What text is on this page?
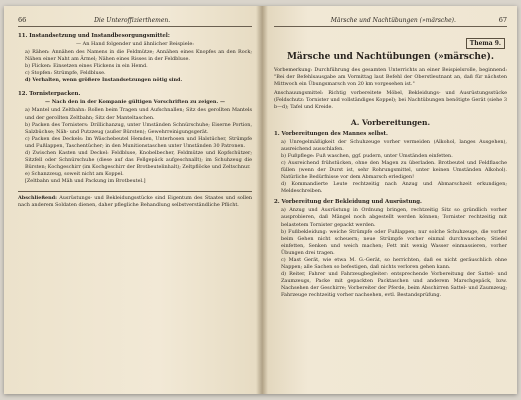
66	Die Unteroffizierthemen.
11. Instandsetzung und Instandbesorgungsmittel:

— An Hand folgender und ähnlicher Beispiele:

a) Rähen: Annähen des Namens in die Feldmütze; Annähen eines Knopfes an den Rock; Nähen einer Naht am Ärmel; Nähen eines Risses in der Feldbluse.

b) Flicken: Einsetzen eines Flickens in ein Hemd.

c) Stopfen: Strümpfe, Feldbluse.

d) Verhalten, wenn größere Instandsetzungen nötig sind.

12. Tornisterpacken.

— Nach den in der Kompanie gültigen Vorschriften zu zeigen. —

a) Mantel und Zeltbahn: Rollen beim Tragen und Aufschnallen; Sitz des gerollten Mantels und der gerollten Zeltbahn; Sitz der Manteltaschen.

b) Packen des Tornisters: Drillichanzug, unter Umständen Schnürschuhe; Eiserne Portion, Salzbüchse; Näh- und Putzzeug (außer Bürsten); Gewehrreinigungsgerät.

c) Packen des Deckels: Im Wäschebeutel Hemden, Unterhosen und Halstücher, Strümpfe und Fußlappen, Taschentücher; in den Munitionstaschen unter Umständen 30 Patronen.

d) Zwischen Kasten und Deckel: Feldbluse, Knobelbecher, Feldmütze und Kopfschützer; Sitzfell oder Schnürschuhe (diese auf das Fellgepäck aufgeschnallt); im Schuhzeug die Bürsten; Kochgeschirr (im Kochgeschirr der Brotbeutelinhalt); Zeltpflöcke und Zeltschnur.

e) Schanzzeug, soweit nicht am Koppel.

[Zeltbahn und Mäh und Packung im Brotbeutel.]

Abschließend: Ausrüstungs- und Bekleidungsstücke sind Eigentum des Staates und sollen nach anderem Soldaten dienen, daher pflegliche Behandlung selbstverständliche Pflicht.

Märsche und Nachtübungen (»märsche).	67
Thema 9.
Märsche und Nachtübungen (»märsche).

Vorbemerkung: Durchführung des gesamten Unterrichts an einer Beispielsrolle, beginnend: "Bei der Befehlsausgabe am Vormittag laut Befehl der Oberstleutnant an, daß für nächsten Mittwoch ein Übungsmarsch von 20 km vorgesehen ist."

Anschauungsmittel: Richtig vorbereitete Möbel, Bekleidungs- und Ausrüstungsstücke (Feldschutz: Tornister und vollständiges Koppel); bei Nachtübungen benötigte Gerät (siehe 3 b—d); Tafel und Kreide.

A. Vorbereitungen.
1. Vorbereitungen des Mannes selbst.

a) Unregelmäßigkeit der Schuhzeuge vorher vermeiden (Alkohol, langes Ausgehen), ausreichend ausschlafen.

b) Fußpflege: Fuß waschen, ggf. pudern, unter Umständen einfetten.

c) Ausreichend frühstücken, ohne den Magen zu überladen. Brotbeutel und Feldflasche füllen (wenn der Durst ist, sehr Rohrungsmittel, unter keinen Umständen Alkohol). Natürliche Bedürfnisse vor dem Abmarsch erledigen!

d) Kommandierte Leute rechtzeitig nach Anzug und Abmarschzeit erkundigen; Meldeschreiben.

2. Vorbereitung der Bekleidung und Ausrüstung.

a) Anzug und Ausrüstung in Ordnung bringen, rechtzeitig Sitz so gründlich vorher ausprobieren, daß Mängel noch abgestellt werden können; Tornister rechtzeitig mit belastetem Tornister gepackt werden.

b) Fußbekleidung: weiche Strümpfe oder Fußlappen; nur solche Schuhzeuge, die vorher beim Gehen nicht scheuern; neue Strümpfe vorher einmal durchwaschen; Stiefel einfetten, Senken und weich machen; Fett mit wenig Wasser einmassieren, vorher Übungen drei tragen.

c) Mast Gerät, wie etwa M. G.-Gerät, so herrichten, daß es nicht geräuschlich ohne Nappen; alle Sachen so befestigen, daß nichts verloren gehen kann.

d) Reiter, Fahrer und Fahrzeugbegleiter: entsprechende Vorbereitung der Sattel- und Zaumzeugs, Packe mit gepackten Packtaschen und anderem Marschgepäck, bzw. Nachsehen der Geschirre; Vorbereiter der Pferde, beim Abschirren Sattel- und Zaumzeug; Fahrzeuge rechtzeitig vorher nachsehen, evtl. Bestandsprüfung.
